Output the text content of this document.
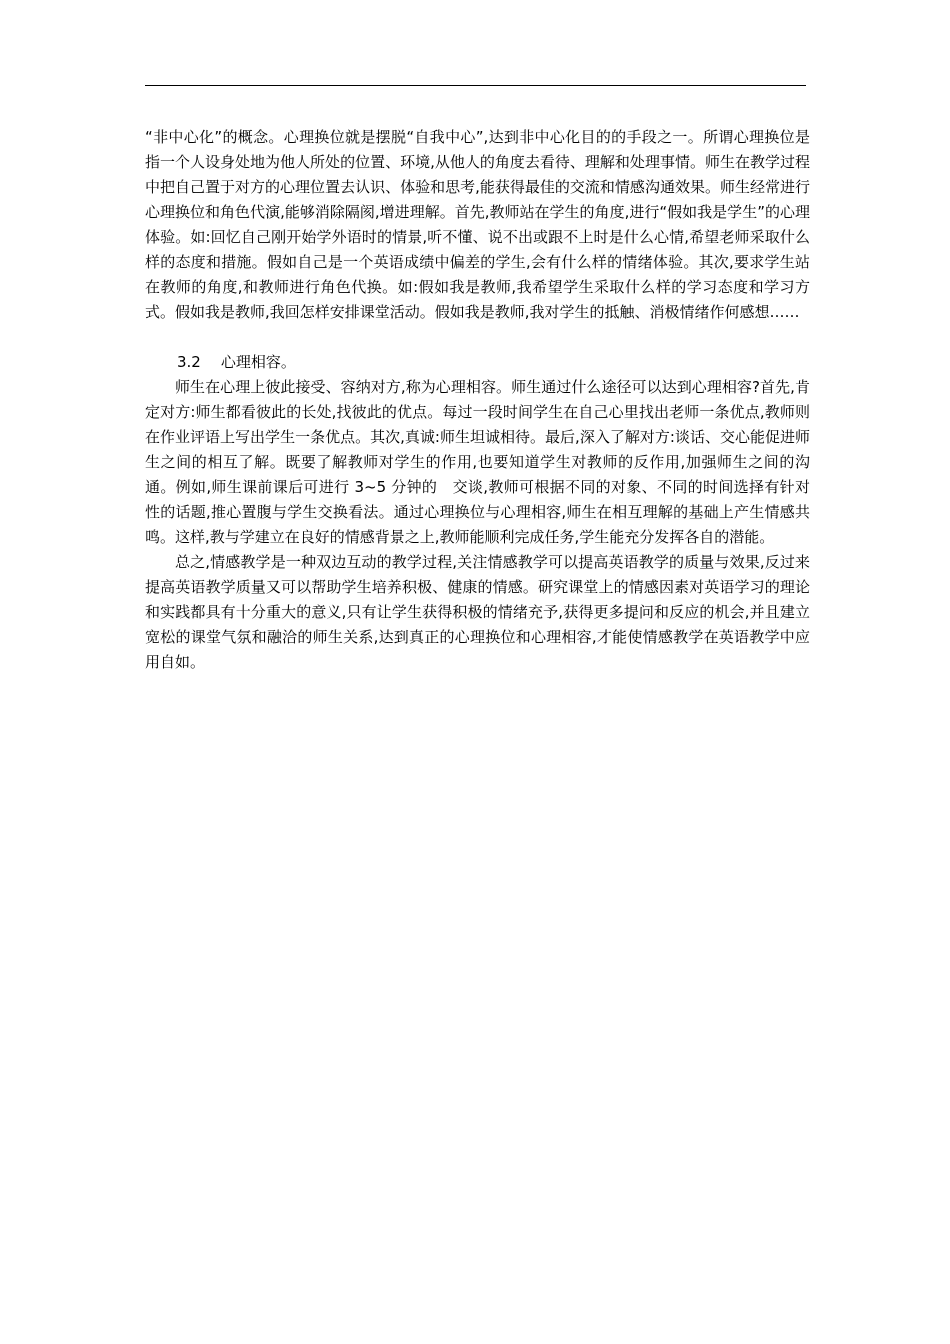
“非中心化”的概念。心理换位就是摆脱“自我中心”,达到非中心化目的的手段之一。所谓心理换位是指一个人设身处地为他人所处的位置、环境,从他人的角度去看待、理解和处理事情。师生在教学过程中把自己置于对方的心理位置去认识、体验和思考,能获得最佳的交流和情感沟通效果。师生经常进行心理换位和角色代演,能够消除隔阂,增进理解。首先,教师站在学生的角度,进行“假如我是学生”的心理体验。如:回忆自己刚开始学外语时的情景,听不懂、说不出或跟不上时是什么心情,希望老师采取什么样的态度和措施。假如自己是一个英语成绩中偏差的学生,会有什么样的情绪体验。其次,要求学生站在教师的角度,和教师进行角色代换。如:假如我是教师,我希望学生采取什么样的学习态度和学习方式。假如我是教师,我回怎样安排课堂活动。假如我是教师,我对学生的抵触、消极情绪作何感想……

3.2 心理相容。

师生在心理上彼此接受、容纳对方,称为心理相容。师生通过什么途径可以达到心理相容?首先,肯定对方:师生都看彼此的长处,找彼此的优点。每过一段时间学生在自己心里找出老师一条优点,教师则在作业评语上写出学生一条优点。其次,真诚:师生坦诚相待。最后,深入了解对方:谈话、交心能促进师生之间的相互了解。既要了解教师对学生的作用,也要知道学生对教师的反作用,加强师生之间的沟通。例如,师生课前课后可进行 3~5 分钟的　交谈,教师可根据不同的对象、不同的时间选择有针对性的话题,推心置腹与学生交换看法。通过心理换位与心理相容,师生在相互理解的基础上产生情感共鸣。这样,教与学建立在良好的情感背景之上,教师能顺利完成任务,学生能充分发挥各自的潜能。

总之,情感教学是一种双边互动的教学过程,关注情感教学可以提高英语教学的质量与效果,反过来提高英语教学质量又可以帮助学生培养积极、健康的情感。研究课堂上的情感因素对英语学习的理论和实践都具有十分重大的意义,只有让学生获得积极的情绪充予,获得更多提问和反应的机会,并且建立宽松的课堂气氛和融洽的师生关系,达到真正的心理换位和心理相容,才能使情感教学在英语教学中应用自如。
